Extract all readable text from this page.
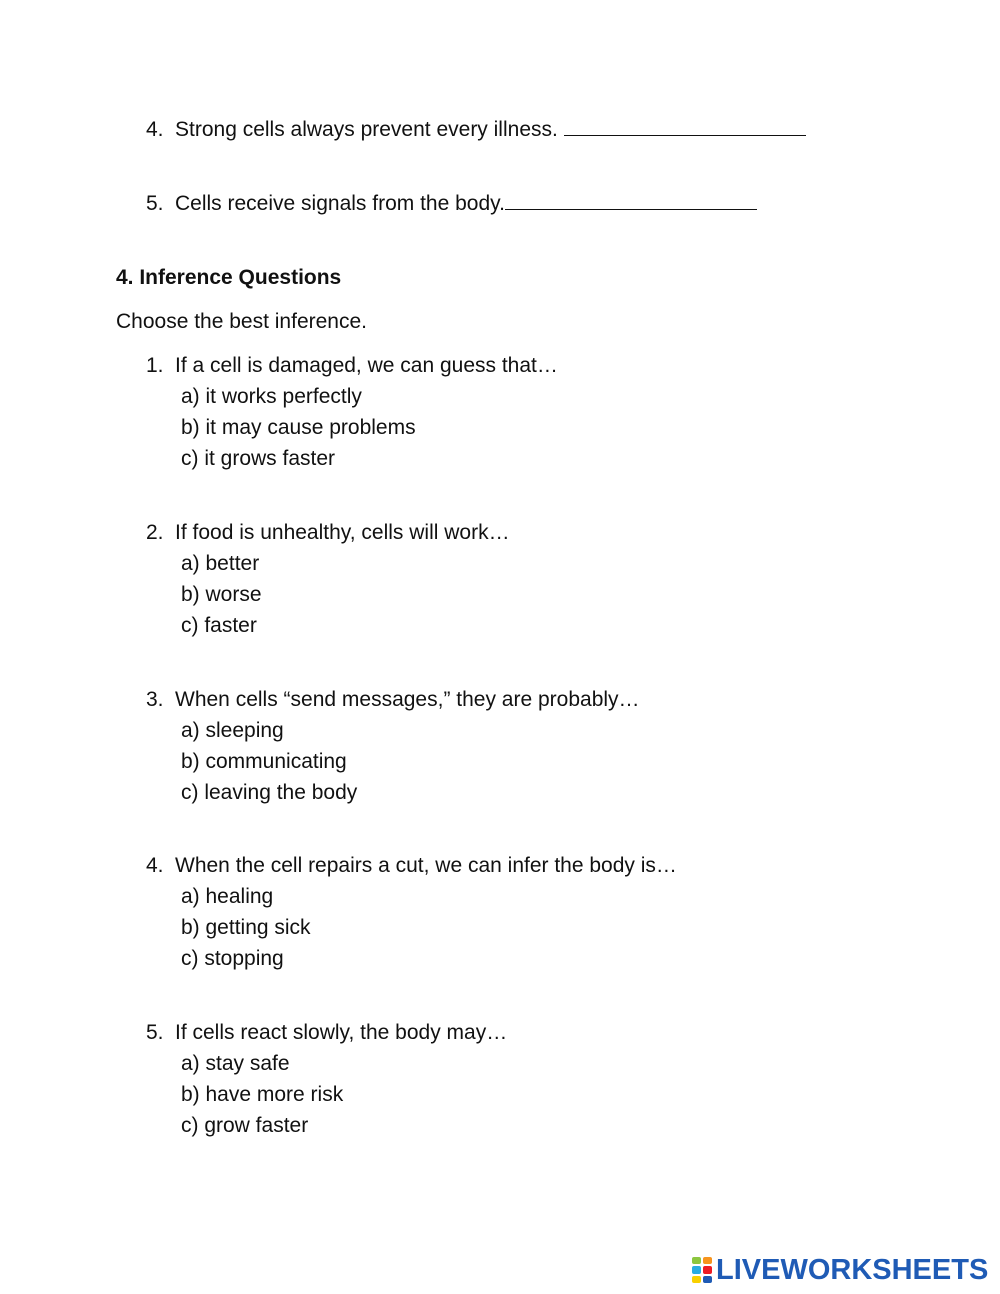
4. Strong cells always prevent every illness.
5. Cells receive signals from the body.
4. Inference Questions
Choose the best inference.
1. If a cell is damaged, we can guess that…
a) it works perfectly
b) it may cause problems
c) it grows faster
2. If food is unhealthy, cells will work…
a) better
b) worse
c) faster
3. When cells “send messages,” they are probably…
a) sleeping
b) communicating
c) leaving the body
4. When the cell repairs a cut, we can infer the body is…
a) healing
b) getting sick
c) stopping
5. If cells react slowly, the body may…
a) stay safe
b) have more risk
c) grow faster
LIVEWORKSHEETS
